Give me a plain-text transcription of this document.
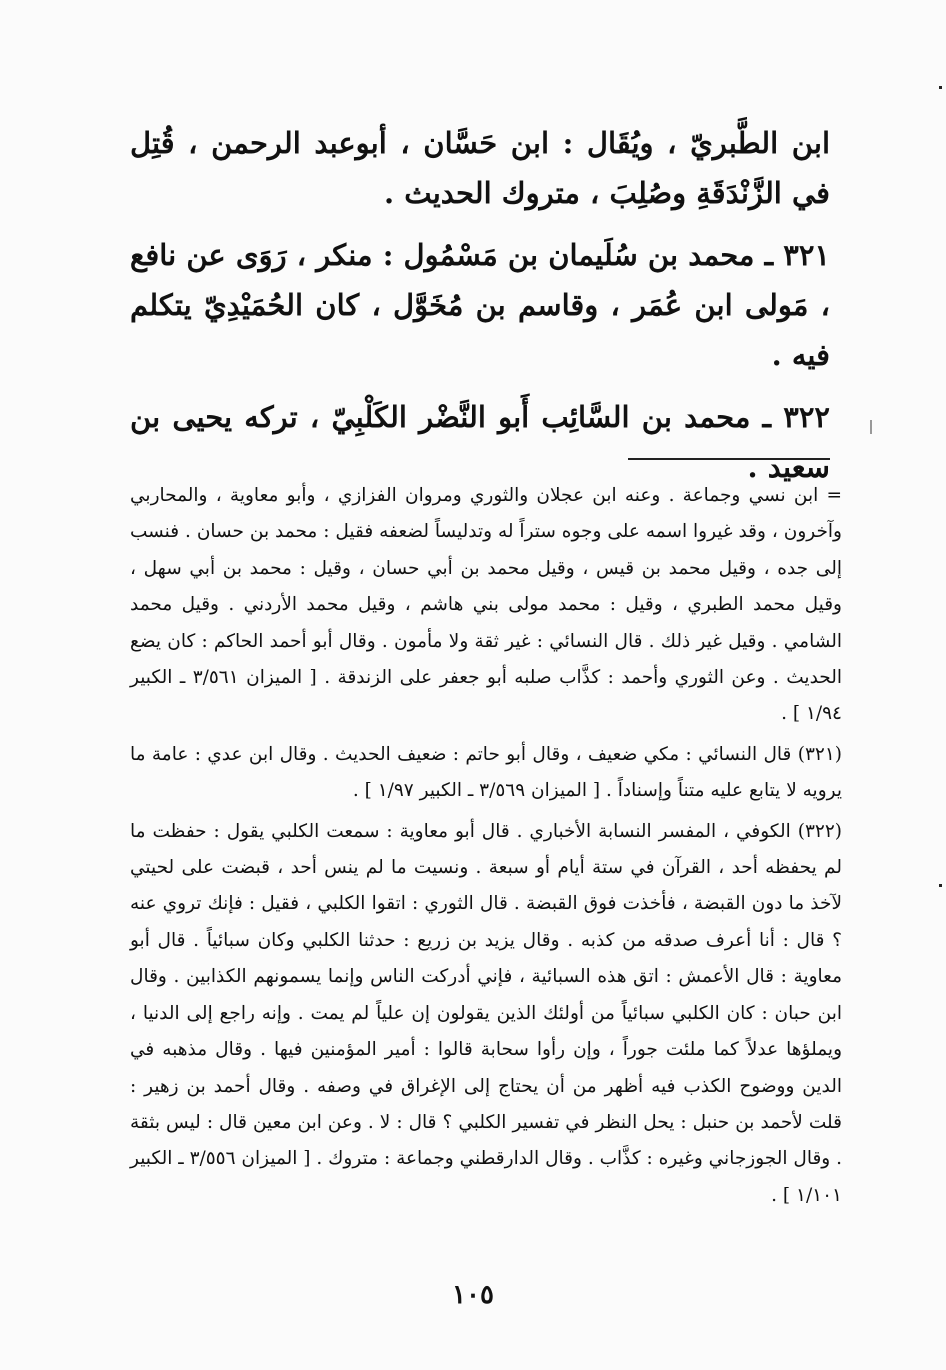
ابن الطَّبريّ ، ويُقَال : ابن حَسَّان ، أبوعبد الرحمن ، قُتِل في الزَّنْدَقَةِ وصُلِبَ ، متروك الحديث .

٣٢١ ـ محمد بن سُلَيمان بن مَسْمُول : منكر ، رَوَى عن نافع ، مَولى ابن عُمَر ، وقاسم بن مُخَوَّل ، كان الحُمَيْدِيّ يتكلم فيه .

٣٢٢ ـ محمد بن السَّائِب أَبو النَّضْر الكَلْبِيّ ، تركه يحيى بن سعيد .

= ابن نسي وجماعة . وعنه ابن عجلان والثوري ومروان الفزازي ، وأبو معاوية ، والمحاربي وآخرون ، وقد غيروا اسمه على وجوه ستراً له وتدليساً لضعفه فقيل : محمد بن حسان . فنسب إلى جده ، وقيل محمد بن قيس ، وقيل محمد بن أبي حسان ، وقيل : محمد بن أبي سهل ، وقيل محمد الطبري ، وقيل : محمد مولى بني هاشم ، وقيل محمد الأردني . وقيل محمد الشامي . وقيل غير ذلك . قال النسائي : غير ثقة ولا مأمون . وقال أبو أحمد الحاكم : كان يضع الحديث . وعن الثوري وأحمد : كذَّاب صلبه أبو جعفر على الزندقة . [ الميزان ٣/٥٦١ ـ الكبير ١/٩٤ ] .

(٣٢١) قال النسائي : مكي ضعيف ، وقال أبو حاتم : ضعيف الحديث . وقال ابن عدي : عامة ما يرويه لا يتابع عليه متناً وإسناداً . [ الميزان ٣/٥٦٩ ـ الكبير ١/٩٧ ] .

(٣٢٢) الكوفي ، المفسر النسابة الأخباري . قال أبو معاوية : سمعت الكلبي يقول : حفظت ما لم يحفظه أحد ، القرآن في ستة أيام أو سبعة . ونسيت ما لم ينس أحد ، قبضت على لحيتي لآخذ ما دون القبضة ، فأخذت فوق القبضة . قال الثوري : اتقوا الكلبي ، فقيل : فإنك تروي عنه ؟ قال : أنا أعرف صدقه من كذبه . وقال يزيد بن زريع : حدثنا الكلبي وكان سبائياً . قال أبو معاوية : قال الأعمش : اتق هذه السبائية ، فإني أدركت الناس وإنما يسمونهم الكذابين . وقال ابن حبان : كان الكلبي سبائياً من أولئك الذين يقولون إن علياً لم يمت . وإنه راجع إلى الدنيا ، ويملؤها عدلاً كما ملئت جوراً ، وإن رأوا سحابة قالوا : أمير المؤمنين فيها . وقال مذهبه في الدين ووضوح الكذب فيه أظهر من أن يحتاج إلى الإغراق في وصفه . وقال أحمد بن زهير : قلت لأحمد بن حنبل : يحل النظر في تفسير الكلبي ؟ قال : لا . وعن ابن معين قال : ليس بثقة . وقال الجوزجاني وغيره : كذَّاب . وقال الدارقطني وجماعة : متروك . [ الميزان ٣/٥٥٦ ـ الكبير ١/١٠١ ] .

١٠٥
